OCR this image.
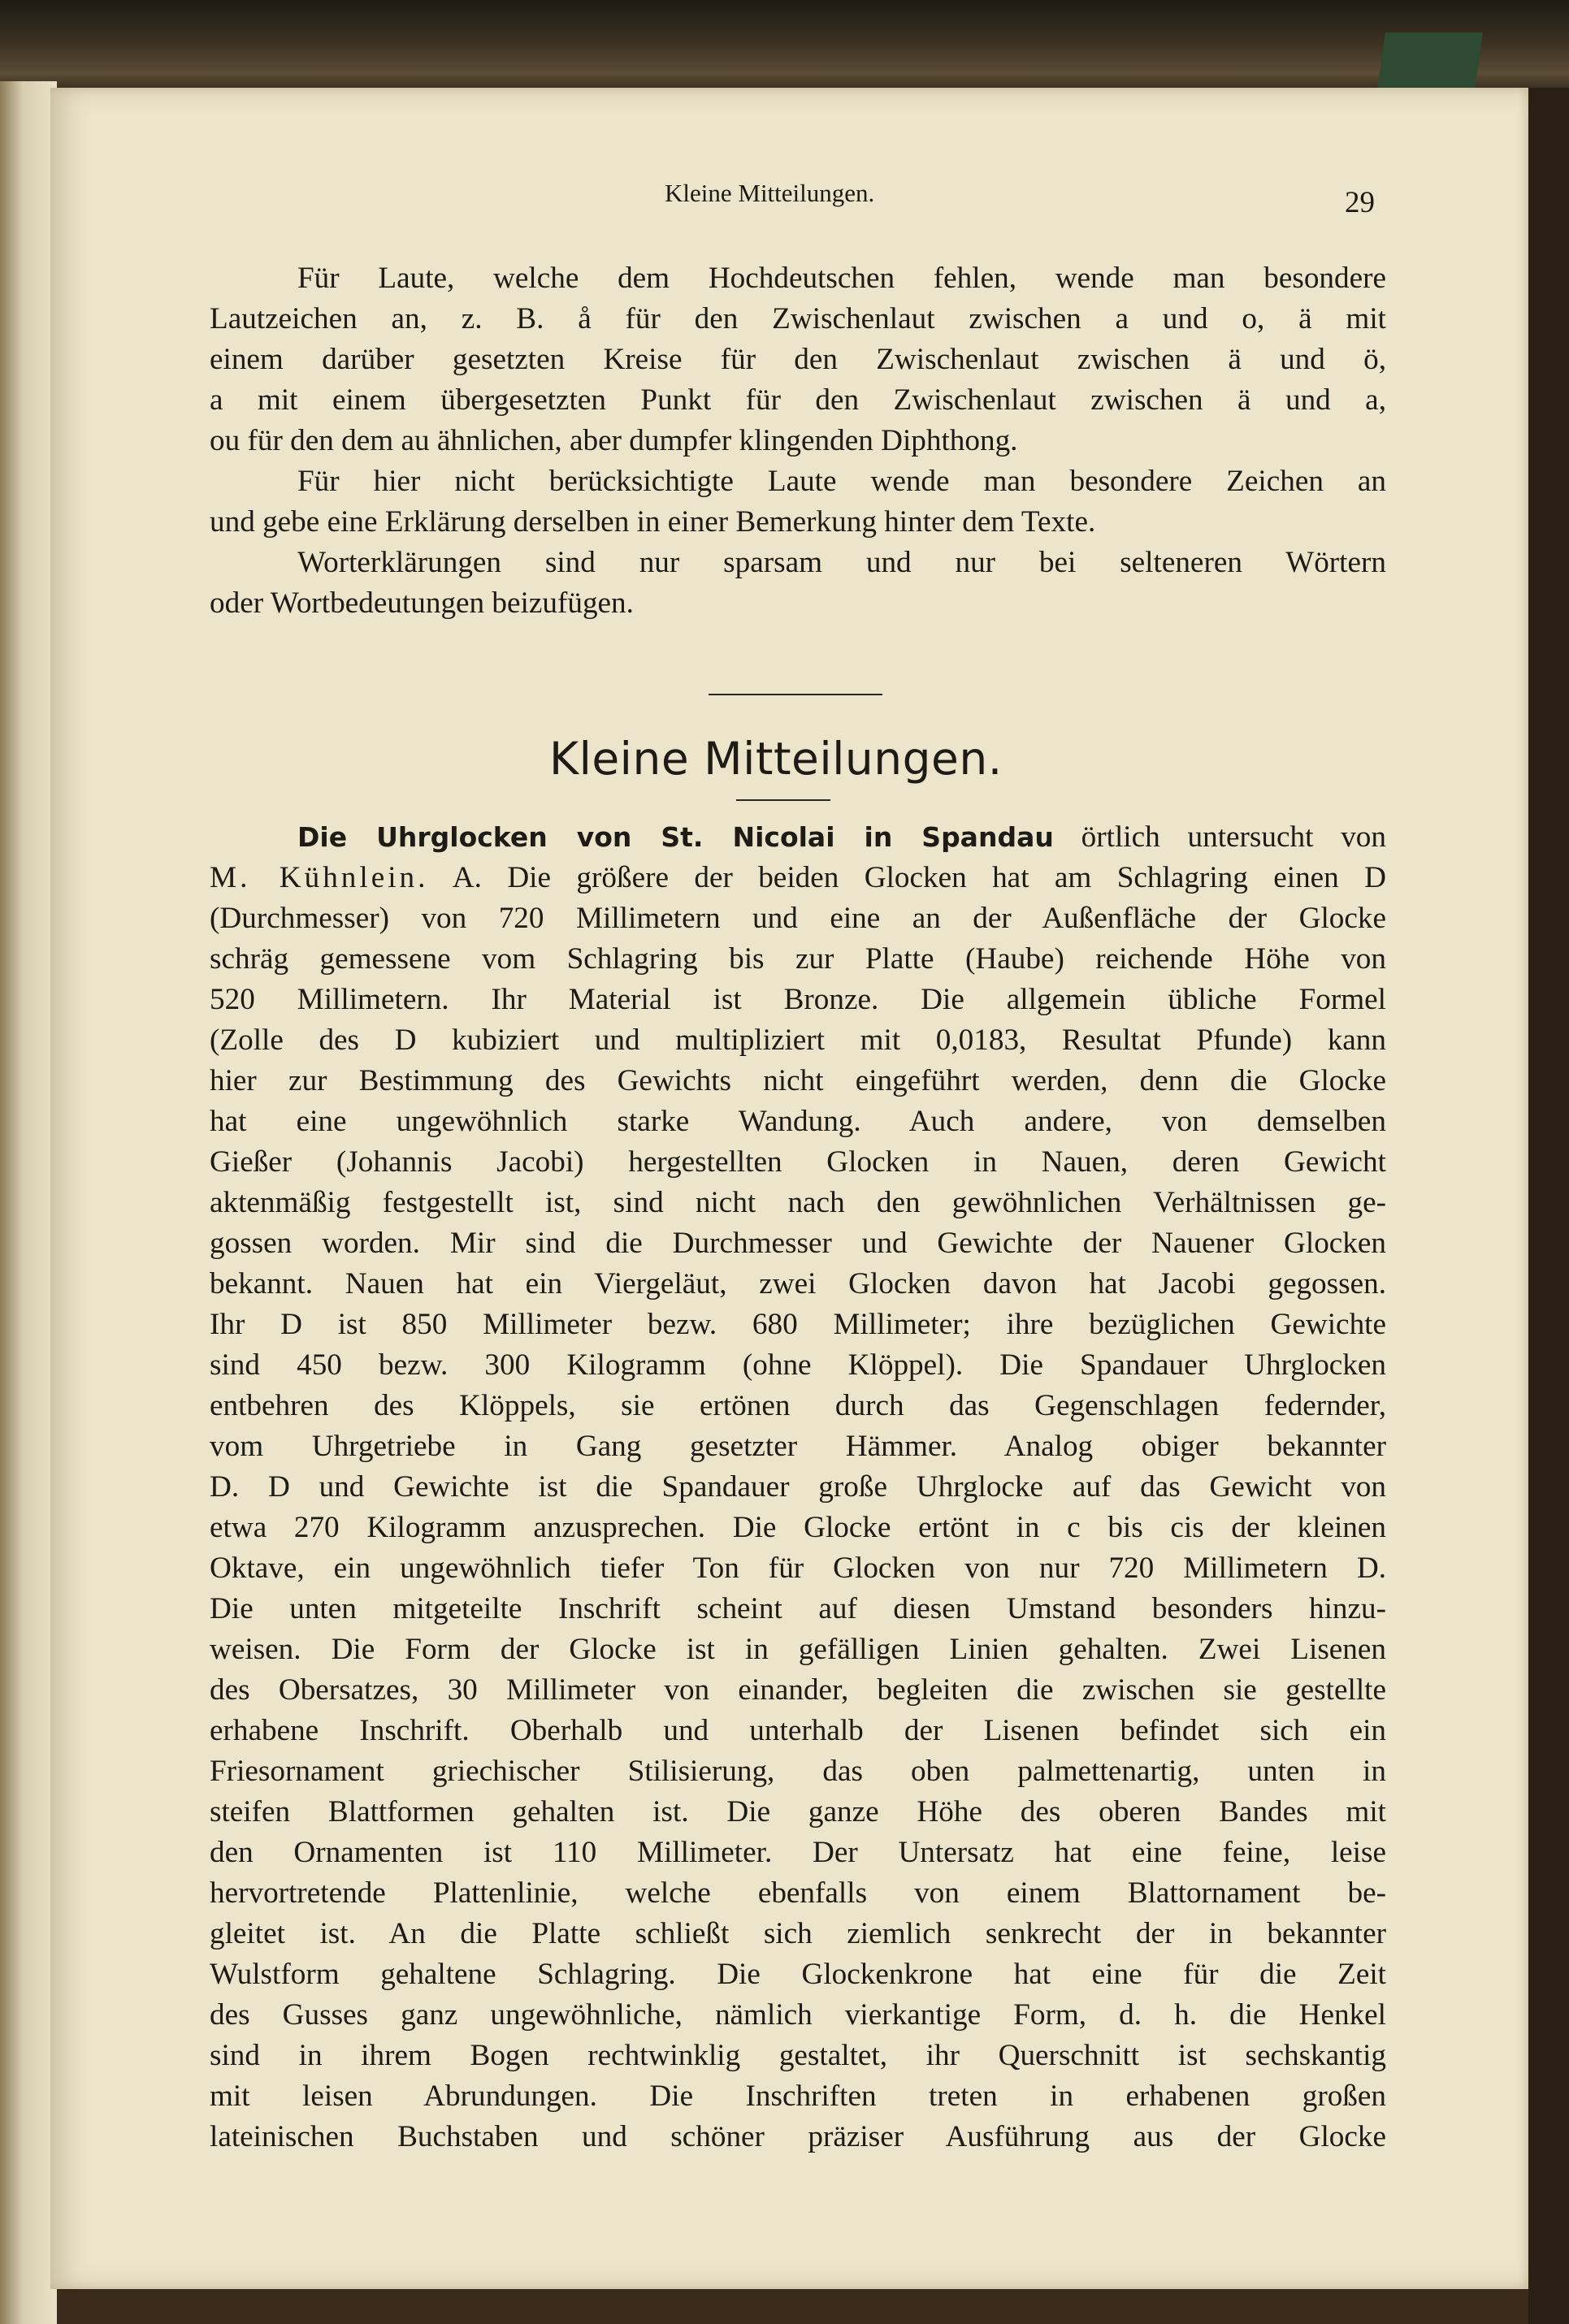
Kleine Mitteilungen.	29
Für Laute, welche dem Hochdeutschen fehlen, wende man besondere
Lautzeichen an, z. B. å für den Zwischenlaut zwischen a und o, ä mit
einem darüber gesetzten Kreise für den Zwischenlaut zwischen ä und ö,
a mit einem übergesetzten Punkt für den Zwischenlaut zwischen ä und a,
ou für den dem au ähnlichen, aber dumpfer klingenden Diphthong.
Für hier nicht berücksichtigte Laute wende man besondere Zeichen an
und gebe eine Erklärung derselben in einer Bemerkung hinter dem Texte.
Worterklärungen sind nur sparsam und nur bei selteneren Wörtern
oder Wortbedeutungen beizufügen.
Kleine Mitteilungen.
Die Uhrglocken von St. Nicolai in Spandau örtlich untersucht von
M. Kühnlein. A. Die größere der beiden Glocken hat am Schlagring einen D
(Durchmesser) von 720 Millimetern und eine an der Außenfläche der Glocke
schräg gemessene vom Schlagring bis zur Platte (Haube) reichende Höhe von
520 Millimetern. Ihr Material ist Bronze. Die allgemein übliche Formel
(Zolle des D kubiziert und multipliziert mit 0,0183, Resultat Pfunde) kann
hier zur Bestimmung des Gewichts nicht eingeführt werden, denn die Glocke
hat eine ungewöhnlich starke Wandung. Auch andere, von demselben
Gießer (Johannis Jacobi) hergestellten Glocken in Nauen, deren Gewicht
aktenmäßig festgestellt ist, sind nicht nach den gewöhnlichen Verhältnissen ge-
gossen worden. Mir sind die Durchmesser und Gewichte der Nauener Glocken
bekannt. Nauen hat ein Viergeläut, zwei Glocken davon hat Jacobi gegossen.
Ihr D ist 850 Millimeter bezw. 680 Millimeter; ihre bezüglichen Gewichte
sind 450 bezw. 300 Kilogramm (ohne Klöppel). Die Spandauer Uhrglocken
entbehren des Klöppels, sie ertönen durch das Gegenschlagen federnder,
vom Uhrgetriebe in Gang gesetzter Hämmer. Analog obiger bekannter
D. D und Gewichte ist die Spandauer große Uhrglocke auf das Gewicht von
etwa 270 Kilogramm anzusprechen. Die Glocke ertönt in c bis cis der kleinen
Oktave, ein ungewöhnlich tiefer Ton für Glocken von nur 720 Millimetern D.
Die unten mitgeteilte Inschrift scheint auf diesen Umstand besonders hinzu-
weisen. Die Form der Glocke ist in gefälligen Linien gehalten. Zwei Lisenen
des Obersatzes, 30 Millimeter von einander, begleiten die zwischen sie gestellte
erhabene Inschrift. Oberhalb und unterhalb der Lisenen befindet sich ein
Friesornament griechischer Stilisierung, das oben palmettenartig, unten in
steifen Blattformen gehalten ist. Die ganze Höhe des oberen Bandes mit
den Ornamenten ist 110 Millimeter. Der Untersatz hat eine feine, leise
hervortretende Plattenlinie, welche ebenfalls von einem Blattornament be-
gleitet ist. An die Platte schließt sich ziemlich senkrecht der in bekannter
Wulstform gehaltene Schlagring. Die Glockenkrone hat eine für die Zeit
des Gusses ganz ungewöhnliche, nämlich vierkantige Form, d. h. die Henkel
sind in ihrem Bogen rechtwinklig gestaltet, ihr Querschnitt ist sechskantig
mit leisen Abrundungen. Die Inschriften treten in erhabenen großen
lateinischen Buchstaben und schöner präziser Ausführung aus der Glocke
